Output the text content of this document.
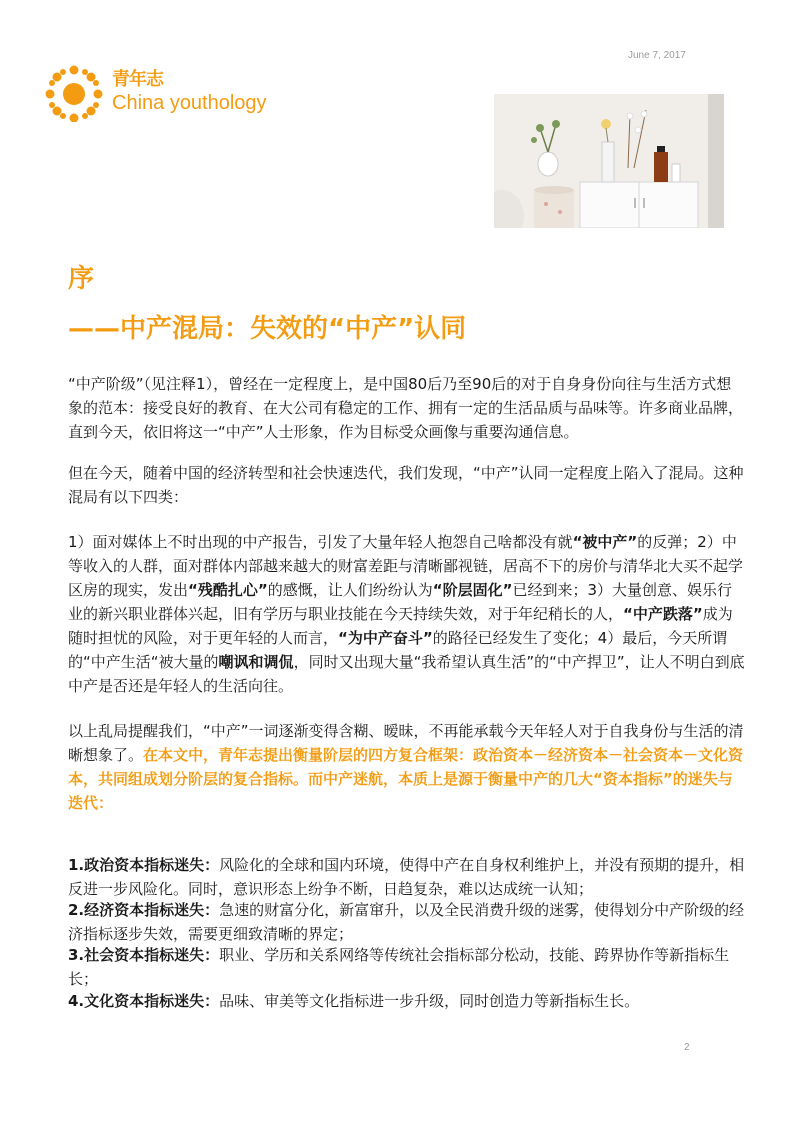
June 7, 2017
青年志
China youthology
序
——中产混局：失效的“中产”认同

“中产阶级”（见注释1），曾经在一定程度上，是中国80后乃至90后的对于自身身份向往与生活方式想象的范本：接受良好的教育、在大公司有稳定的工作、拥有一定的生活品质与品味等。许多商业品牌，直到今天，依旧将这一“中产”人士形象，作为目标受众画像与重要沟通信息。

但在今天，随着中国的经济转型和社会快速迭代，我们发现，“中产”认同一定程度上陷入了混局。这种混局有以下四类：

1）面对媒体上不时出现的中产报告，引发了大量年轻人抱怨自己啥都没有就“被中产”的反弹；2）中等收入的人群，面对群体内部越来越大的财富差距与清晰鄙视链，居高不下的房价与清华北大买不起学区房的现实，发出“残酷扎心”的感慨，让人们纷纷认为“阶层固化”已经到来；3）大量创意、娱乐行业的新兴职业群体兴起，旧有学历与职业技能在今天持续失效，对于年纪稍长的人，“中产跌落”成为随时担忧的风险，对于更年轻的人而言，“为中产奋斗”的路径已经发生了变化；4）最后，今天所谓的“中产生活“被大量的嘲讽和调侃，同时又出现大量“我希望认真生活”的“中产捍卫”，让人不明白到底中产是否还是年轻人的生活向往。

以上乱局提醒我们，“中产”一词逐渐变得含糊、暧昧，不再能承载今天年轻人对于自我身份与生活的清晰想象了。在本文中，青年志提出衡量阶层的四方复合框架：政治资本－经济资本－社会资本－文化资本，共同组成划分阶层的复合指标。而中产迷航，本质上是源于衡量中产的几大“资本指标”的迷失与迭代：

1.政治资本指标迷失：风险化的全球和国内环境，使得中产在自身权利维护上，并没有预期的提升，相反进一步风险化。同时，意识形态上纷争不断，日趋复杂，难以达成统一认知；

2.经济资本指标迷失：急速的财富分化，新富窜升，以及全民消费升级的迷雾，使得划分中产阶级的经济指标逐步失效，需要更细致清晰的界定；

3.社会资本指标迷失：职业、学历和关系网络等传统社会指标部分松动，技能、跨界协作等新指标生长；

4.文化资本指标迷失：品味、审美等文化指标进一步升级，同时创造力等新指标生长。

2
